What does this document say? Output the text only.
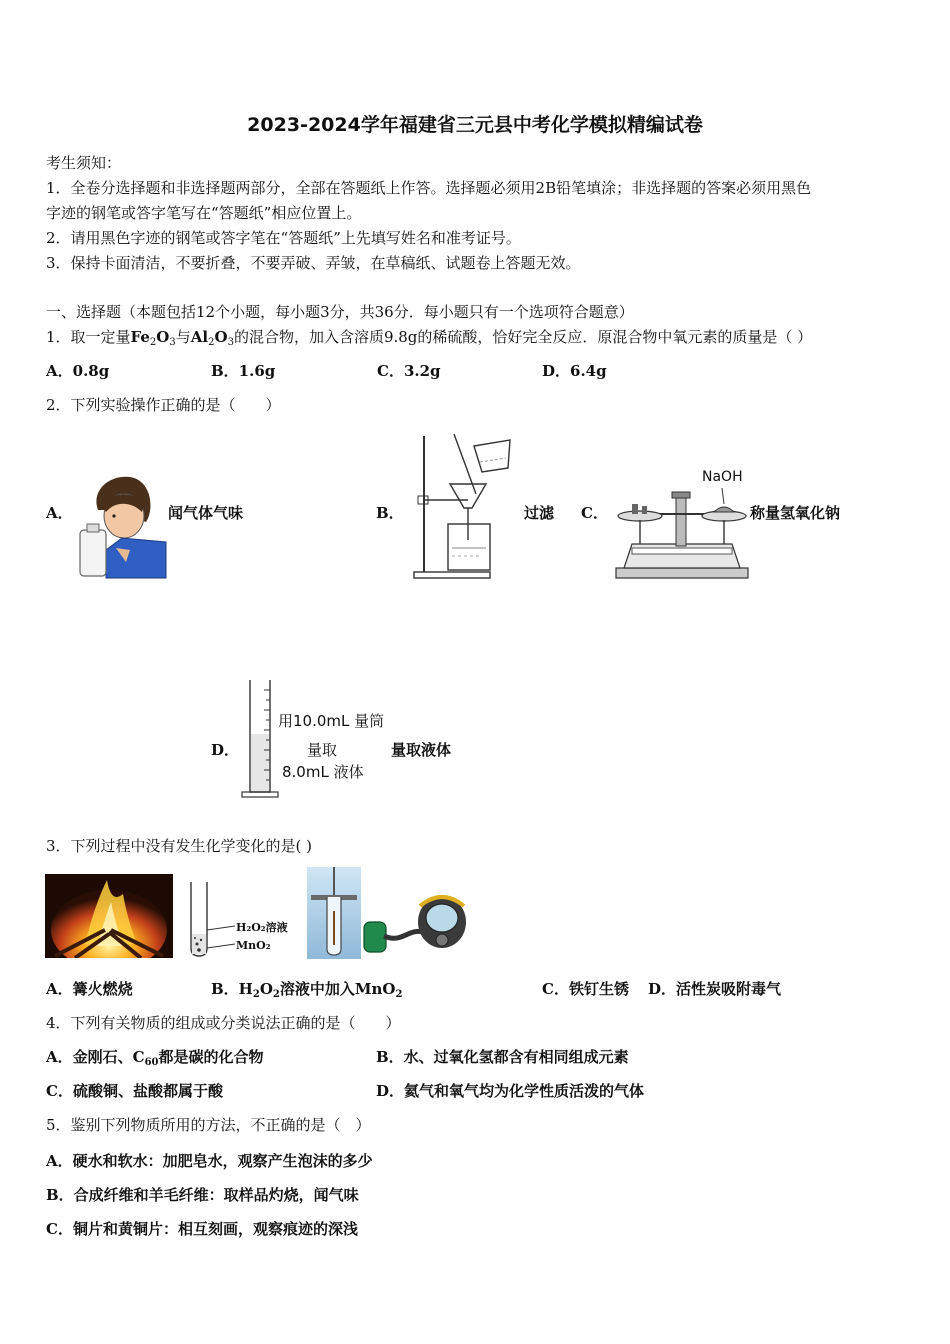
2023-2024学年福建省三元县中考化学模拟精编试卷
考生须知：
1．全卷分选择题和非选择题两部分，全部在答题纸上作答。选择题必须用2B铅笔填涂；非选择题的答案必须用黑色
字迹的钢笔或答字笔写在“答题纸”相应位置上。
2．请用黑色字迹的钢笔或答字笔在“答题纸”上先填写姓名和准考证号。
3．保持卡面清洁，不要折叠，不要弄破、弄皱，在草稿纸、试题卷上答题无效。
一、选择题（本题包括12个小题，每小题3分，共36分．每小题只有一个选项符合题意）
1．取一定量$Fe_2O_3$与$Al_2O_3$的混合物，加入含溶质9.8g的稀硫酸，恰好完全反应．原混合物中氧元素的质量是（ ）
A．0.8g	B．1.6g	C．3.2g	D．6.4g
2．下列实验操作正确的是（　　）
A．	闻气体气味	B．	过滤 C．
NaOH
称量氢氧化钠
D．
用10.0mL 量筒
量取
8.0mL 液体
量取液体
3．下列过程中没有发生化学变化的是( )
H₂O₂溶液
MnO₂
A．篝火燃烧	B．$H_2O_2$溶液中加入MnO$_2$	C．铁钉生锈 D．活性炭吸附毒气
4．下列有关物质的组成或分类说法正确的是（　　）
A．金刚石、$C_{60}$都是碳的化合物	B．水、过氧化氢都含有相同组成元素
C．硫酸铜、盐酸都属于酸	D．氦气和氧气均为化学性质活泼的气体
5．鉴别下列物质所用的方法，不正确的是（　）
A．硬水和软水：加肥皂水，观察产生泡沫的多少
B．合成纤维和羊毛纤维：取样品灼烧，闻气味
C．铜片和黄铜片：相互刻画，观察痕迹的深浅
